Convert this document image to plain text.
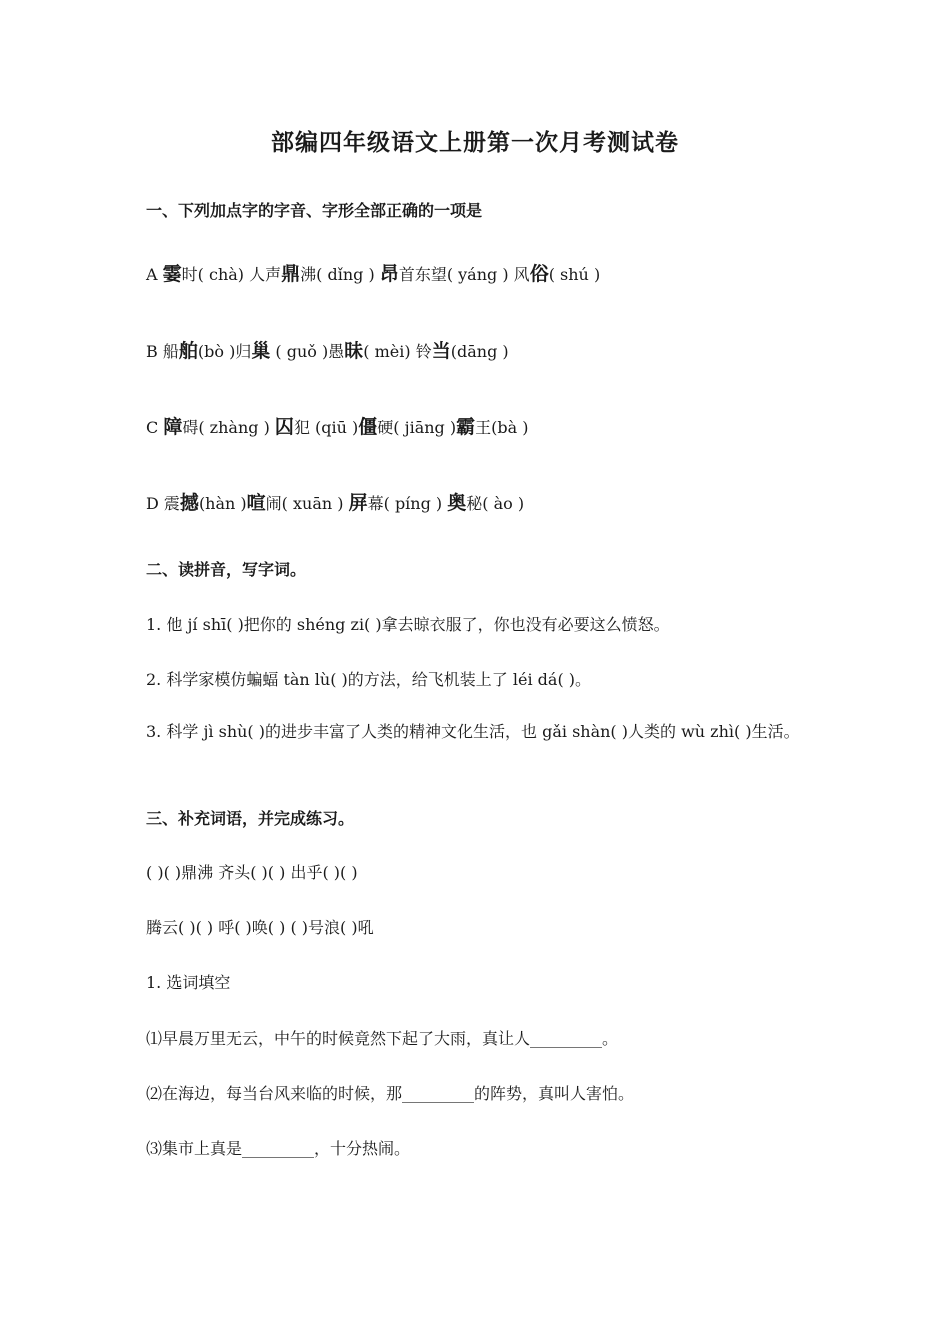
部编四年级语文上册第一次月考测试卷
一、下列加点字的字音、字形全部正确的一项是
A 霎时( chà) 人声鼎沸( dǐng ) 昂首东望( yáng ) 风俗( shú )
B 船舶(bò )归巢 ( guǒ )愚昧( mèi) 铃当(dāng )
C 障碍( zhàng ) 囚犯 (qiū )僵硬( jiāng )霸王(bà )
D 震撼(hàn )喧闹( xuān ) 屏幕( píng ) 奥秘( ào )
二、读拼音，写字词。
1. 他 jí shī( )把你的 shéng zi( )拿去晾衣服了，你也没有必要这么愤怒。
2. 科学家模仿蝙蝠 tàn lù( )的方法，给飞机装上了 léi dá( )。
3. 科学 jì shù( )的进步丰富了人类的精神文化生活，也 gǎi shàn( )人类的 wù zhì( )生活。
三、补充词语，并完成练习。
( )( )鼎沸 齐头( )( ) 出乎( )( )
腾云( )( ) 呼( )唤( ) ( )号浪( )吼
1. 选词填空
⑴早晨万里无云，中午的时候竟然下起了大雨，真让人_________。
⑵在海边，每当台风来临的时候，那_________的阵势，真叫人害怕。
⑶集市上真是_________，十分热闹。
